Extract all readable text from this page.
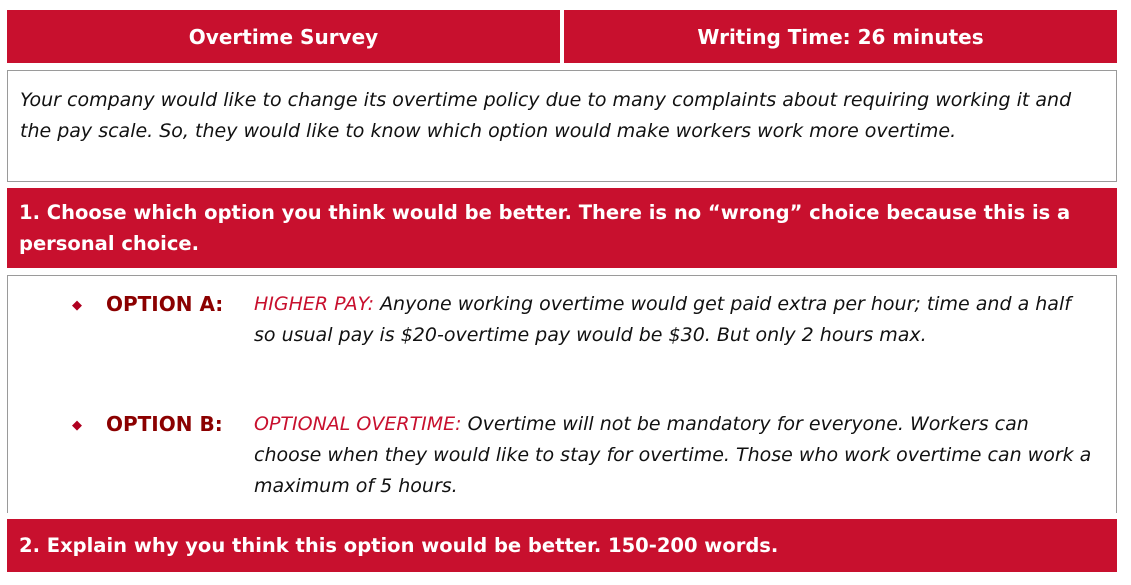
Overtime Survey	Writing Time: 26 minutes
Your company would like to change its overtime policy due to many complaints about requiring working it and the pay scale. So, they would like to know which option would make workers work more overtime.
1. Choose which option you think would be better. There is no “wrong” choice because this is a personal choice.
◆ OPTION A: HIGHER PAY: Anyone working overtime would get paid extra per hour; time and a half so usual pay is $20-overtime pay would be $30. But only 2 hours max.
◆ OPTION B: OPTIONAL OVERTIME: Overtime will not be mandatory for everyone. Workers can choose when they would like to stay for overtime. Those who work overtime can work a maximum of 5 hours.
2. Explain why you think this option would be better. 150-200 words.
